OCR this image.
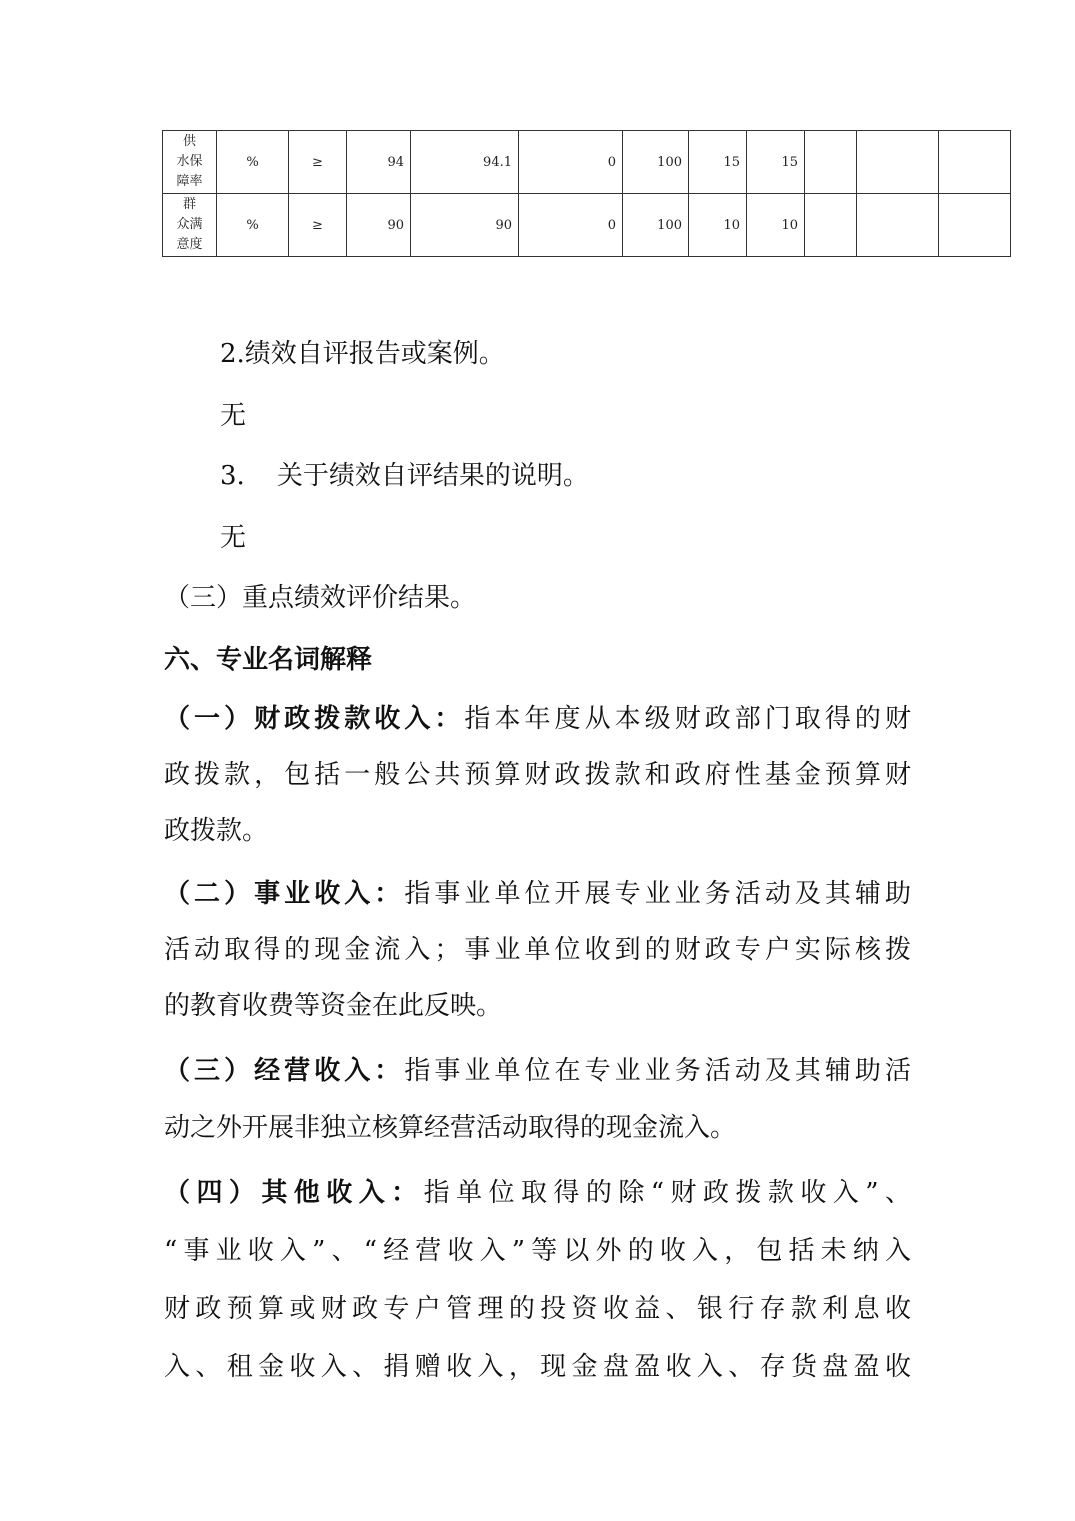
供
水保
障率	%	≥	94	94.1	0	100	15	15			
群
众满
意度	%	≥	90	90	0	100	10	10			
2.绩效自评报告或案例。
无
3. 关于绩效自评结果的说明。
无
（三）重点绩效评价结果。
六、专业名词解释
（一）财政拨款收入：指本年度从本级财政部门取得的财
政拨款，包括一般公共预算财政拨款和政府性基金预算财
政拨款。
（二）事业收入：指事业单位开展专业业务活动及其辅助
活动取得的现金流入；事业单位收到的财政专户实际核拨
的教育收费等资金在此反映。
（三）经营收入：指事业单位在专业业务活动及其辅助活
动之外开展非独立核算经营活动取得的现金流入。
（四）其他收入：指单位取得的除“财政拨款收入”、
“事业收入”、“经营收入”等以外的收入，包括未纳入
财政预算或财政专户管理的投资收益、银行存款利息收
入、租金收入、捐赠收入，现金盘盈收入、存货盘盈收
